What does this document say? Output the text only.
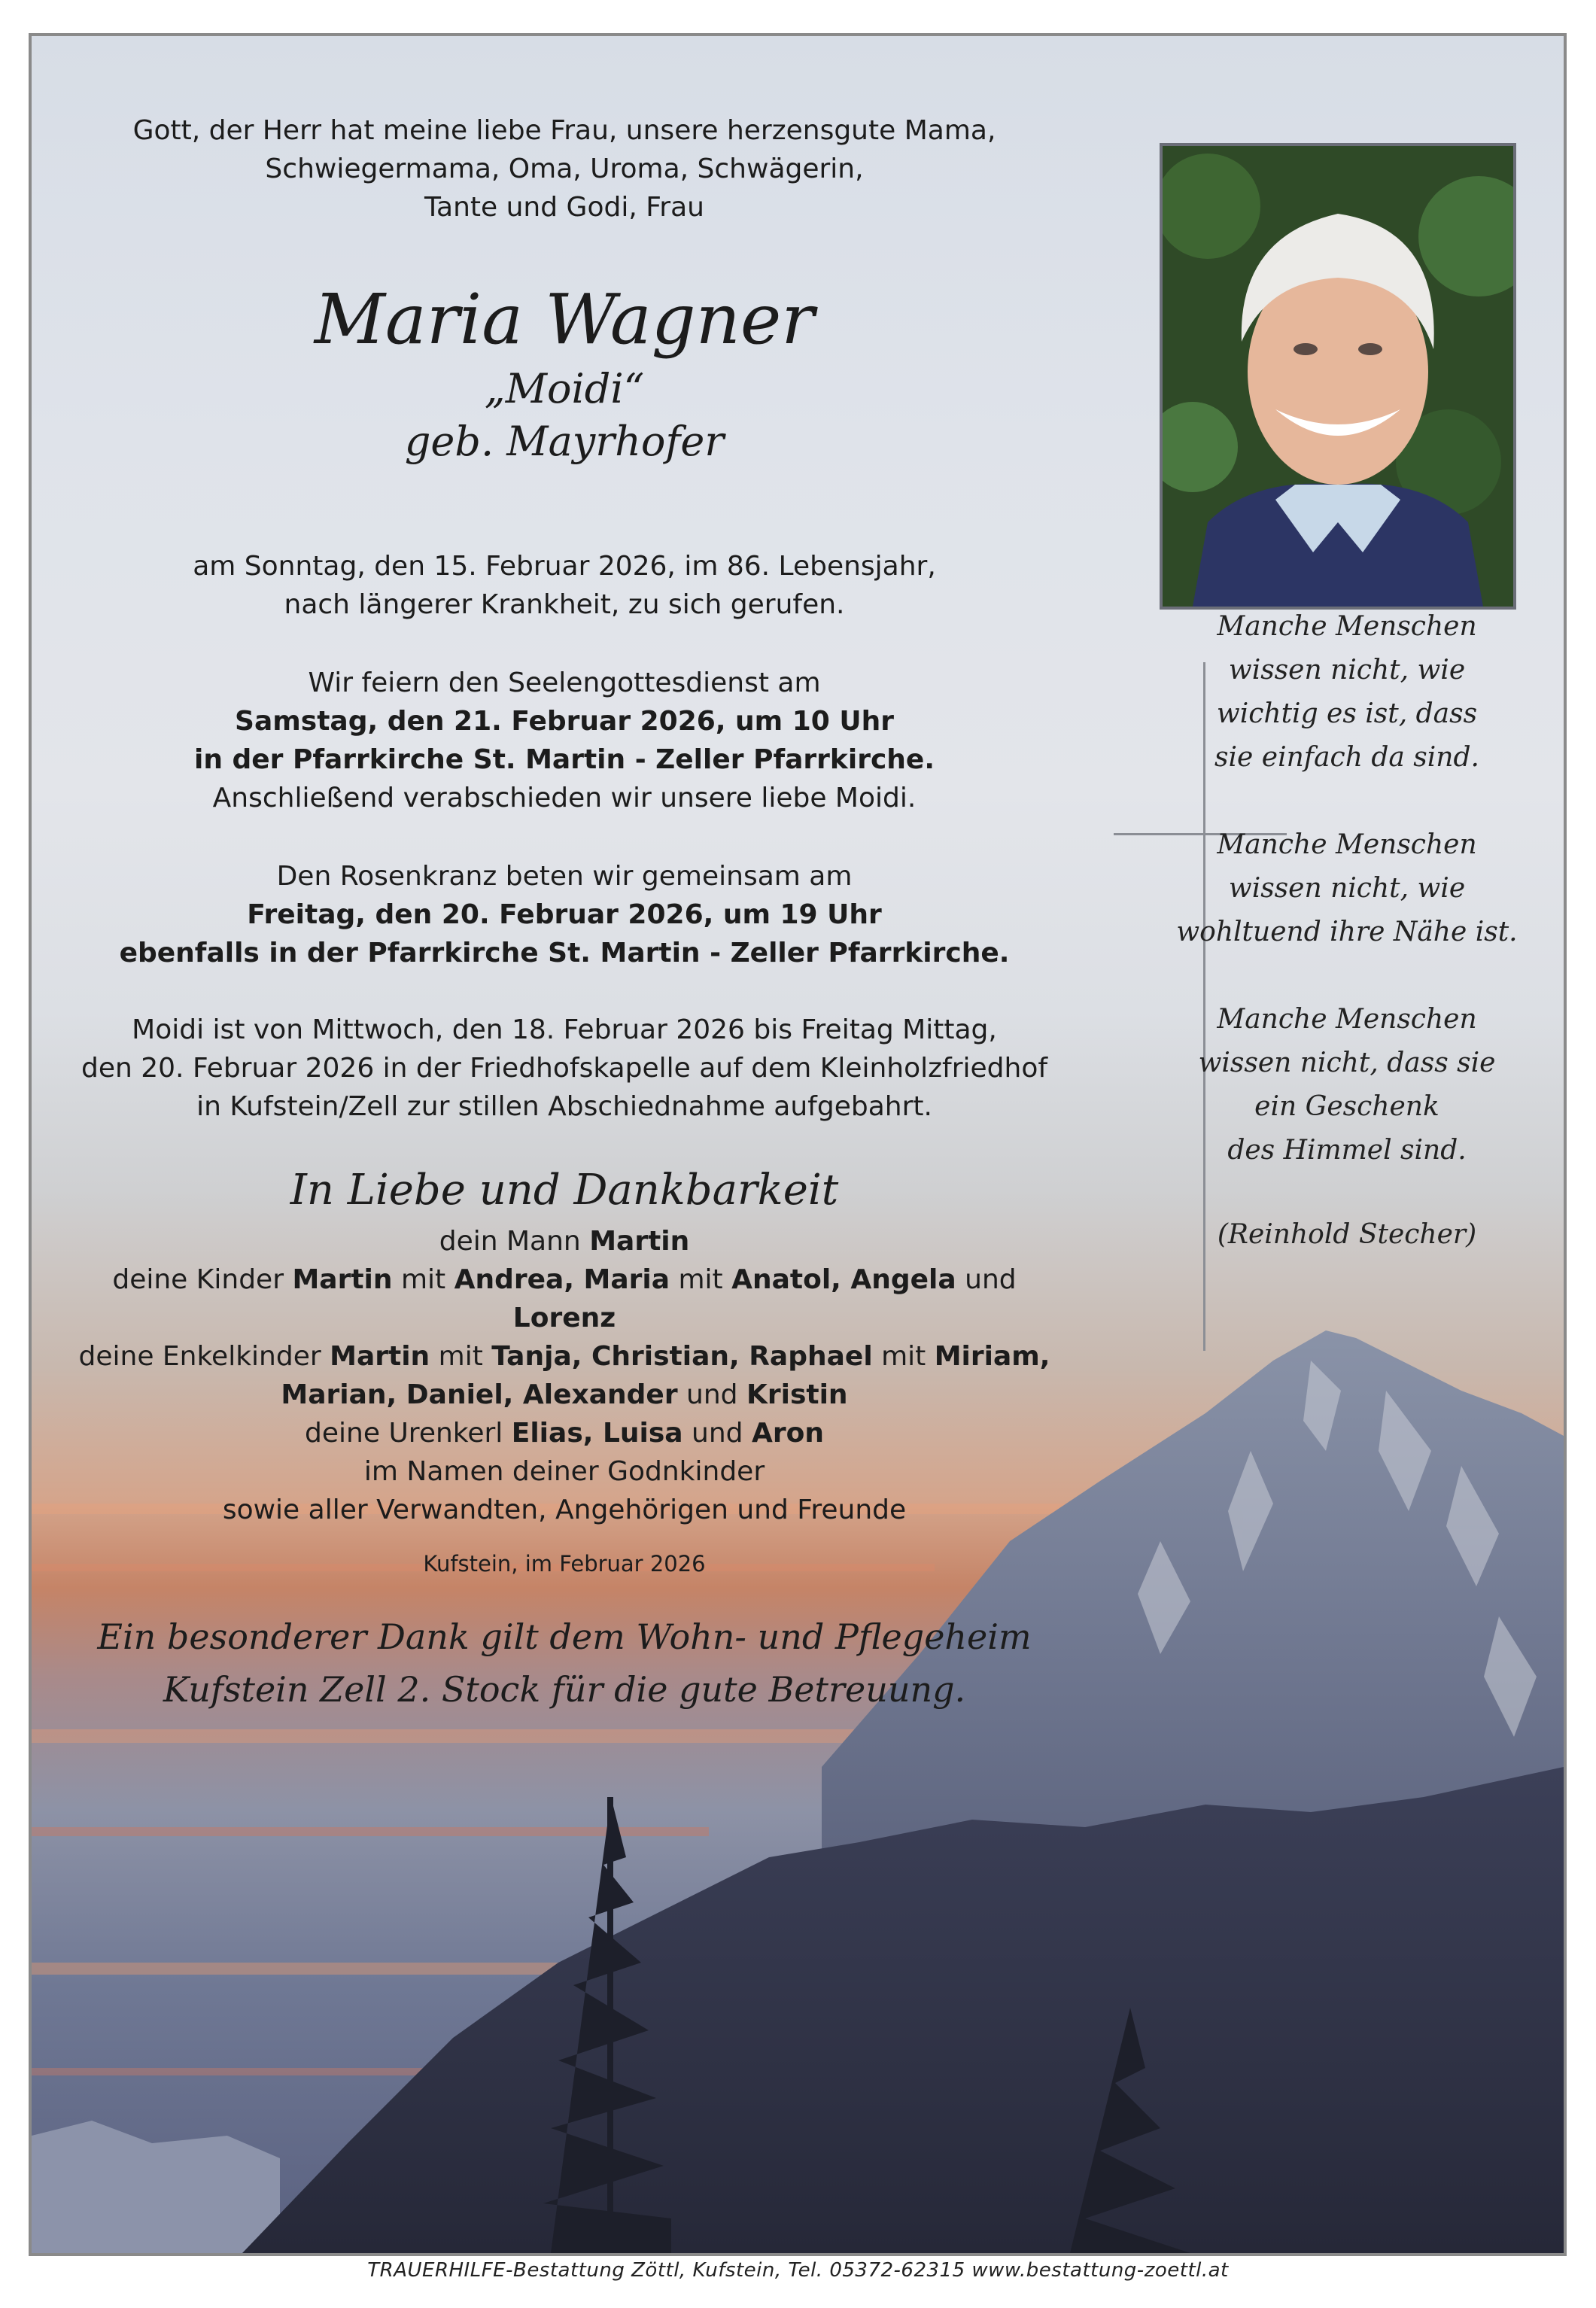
Gott, der Herr hat meine liebe Frau, unsere herzensgute Mama,

Schwiegermama, Oma, Uroma, Schwägerin,

Tante und Godi, Frau

Maria Wagner
„Moidi“
geb. Mayrhofer

am Sonntag, den 15. Februar 2026, im 86. Lebensjahr,

nach längerer Krankheit, zu sich gerufen.

Wir feiern den Seelengottesdienst am

Samstag, den 21. Februar 2026, um 10 Uhr

in der Pfarrkirche St. Martin - Zeller Pfarrkirche.

Anschließend verabschieden wir unsere liebe Moidi.

Den Rosenkranz beten wir gemeinsam am

Freitag, den 20. Februar 2026, um 19 Uhr

ebenfalls in der Pfarrkirche St. Martin - Zeller Pfarrkirche.

Moidi ist von Mittwoch, den 18. Februar 2026 bis Freitag Mittag,

den 20. Februar 2026 in der Friedhofskapelle auf dem Kleinholzfriedhof

in Kufstein/Zell zur stillen Abschiednahme aufgebahrt.

In Liebe und Dankbarkeit

dein Mann Martin

deine Kinder Martin mit Andrea, Maria mit Anatol, Angela und Lorenz

deine Enkelkinder Martin mit Tanja, Christian, Raphael mit Miriam,

Marian, Daniel, Alexander und Kristin

deine Urenkerl Elias, Luisa und Aron

im Namen deiner Godnkinder

sowie aller Verwandten, Angehörigen und Freunde

Kufstein, im Februar 2026

Ein besonderer Dank gilt dem Wohn- und Pflegeheim
Kufstein Zell 2. Stock für die gute Betreuung.
Manche Menschen
wissen nicht, wie
wichtig es ist, dass
sie einfach da sind.
Manche Menschen
wissen nicht, wie
wohltuend ihre Nähe ist.
Manche Menschen
wissen nicht, dass sie
ein Geschenk
des Himmel sind.
(Reinhold Stecher)
TRAUERHILFE-Bestattung Zöttl, Kufstein, Tel. 05372-62315 www.bestattung-zoettl.at
